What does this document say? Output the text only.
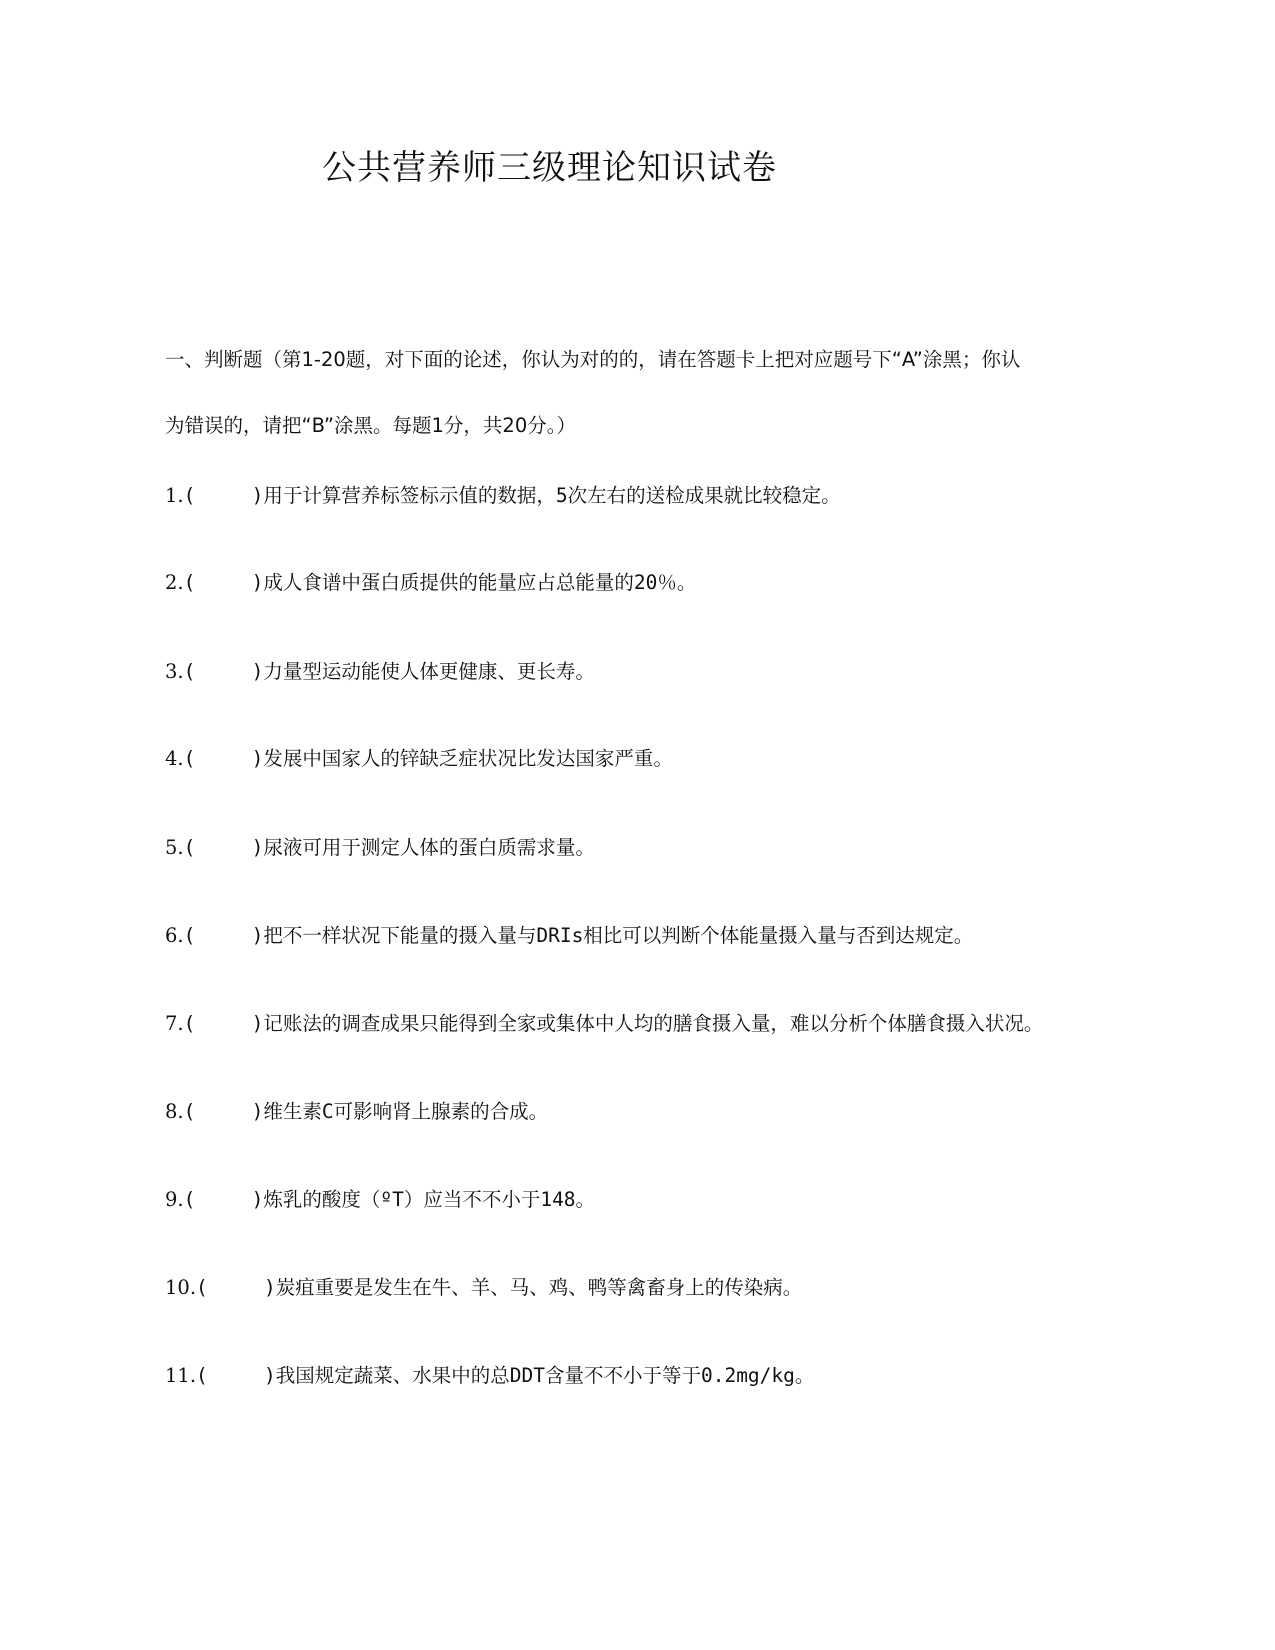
公共营养师三级理论知识试卷
一、判断题（第1-20题，对下面的论述，你认为对的的，请在答题卡上把对应题号下“A”涂黑；你认
为错误的，请把“B”涂黑。每题1分，共20分。）
1. (	)用于计算营养标签标示值的数据，5次左右的送检成果就比较稳定。
2. (	)成人食谱中蛋白质提供的能量应占总能量的20％。
3. (	)力量型运动能使人体更健康、更长寿。
4. (	)发展中国家人的锌缺乏症状况比发达国家严重。
5. (	)尿液可用于测定人体的蛋白质需求量。
6. (	)把不一样状况下能量的摄入量与DRIs相比可以判断个体能量摄入量与否到达规定。
7. (	)记账法的调查成果只能得到全家或集体中人均的膳食摄入量，难以分析个体膳食摄入状况。
8. (	)维生素C可影响肾上腺素的合成。
9. (	)炼乳的酸度（ºT）应当不不小于148。
10. (	)炭疽重要是发生在牛、羊、马、鸡、鸭等禽畜身上的传染病。
11. (	)我国规定蔬菜、水果中的总DDT含量不不小于等于0.2mg/kg。
